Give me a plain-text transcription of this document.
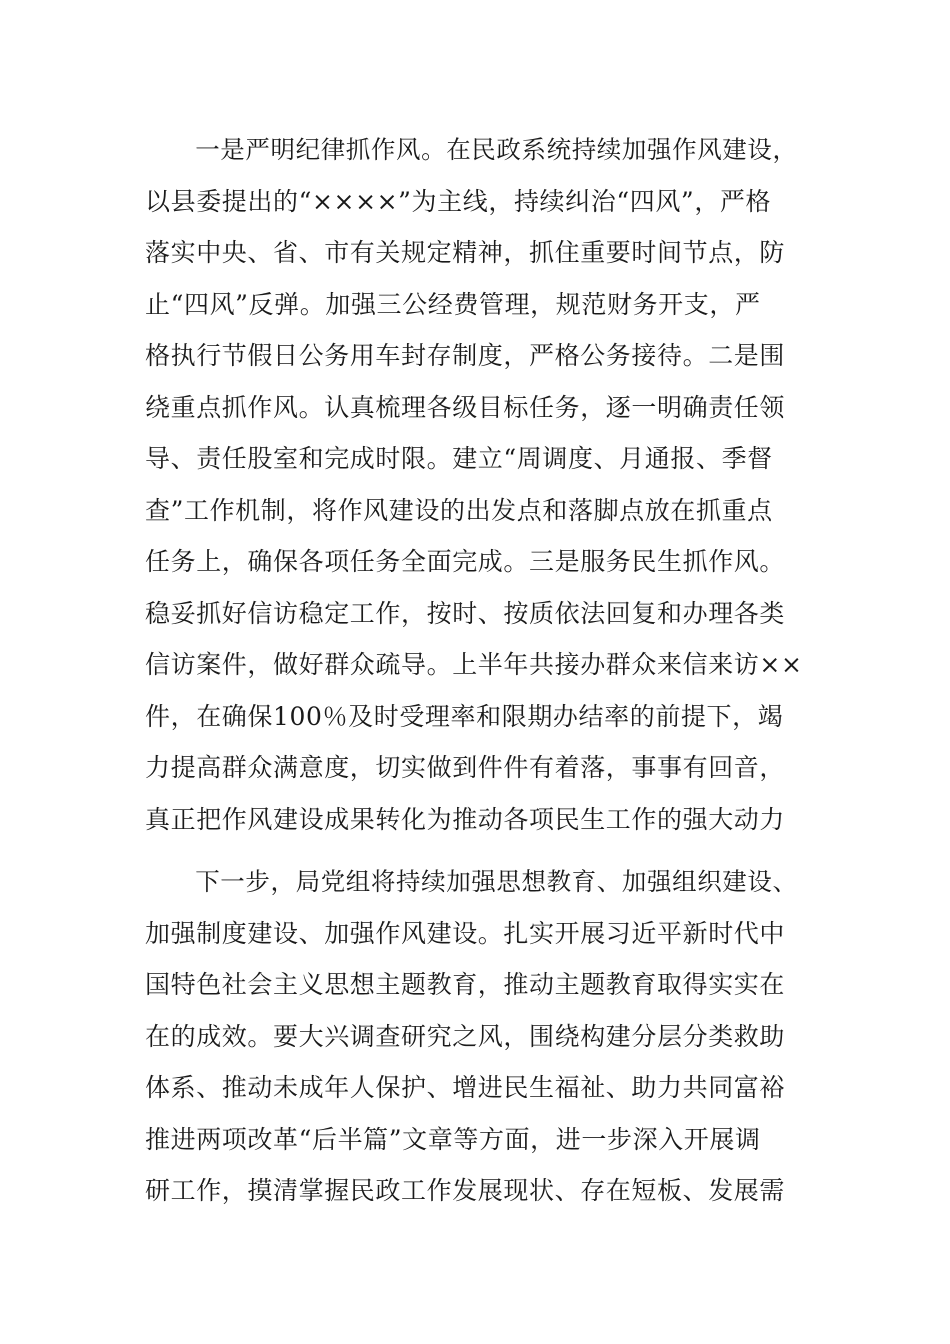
　　一是严明纪律抓作风。在民政系统持续加强作风建设，
以县委提出的“××××”为主线，持续纠治“四风”，严格
落实中央、省、市有关规定精神，抓住重要时间节点，防
止“四风”反弹。加强三公经费管理，规范财务开支，严
格执行节假日公务用车封存制度，严格公务接待。二是围
绕重点抓作风。认真梳理各级目标任务，逐一明确责任领
导、责任股室和完成时限。建立“周调度、月通报、季督
查”工作机制，将作风建设的出发点和落脚点放在抓重点
任务上，确保各项任务全面完成。三是服务民生抓作风。
稳妥抓好信访稳定工作，按时、按质依法回复和办理各类
信访案件，做好群众疏导。上半年共接办群众来信来访××
件，在确保100％及时受理率和限期办结率的前提下，竭
力提高群众满意度，切实做到件件有着落，事事有回音，
真正把作风建设成果转化为推动各项民生工作的强大动力
　　下一步，局党组将持续加强思想教育、加强组织建设、
加强制度建设、加强作风建设。扎实开展习近平新时代中
国特色社会主义思想主题教育，推动主题教育取得实实在
在的成效。要大兴调查研究之风，围绕构建分层分类救助
体系、推动未成年人保护、增进民生福祉、助力共同富裕
推进两项改革“后半篇”文章等方面，进一步深入开展调
研工作，摸清掌握民政工作发展现状、存在短板、发展需
